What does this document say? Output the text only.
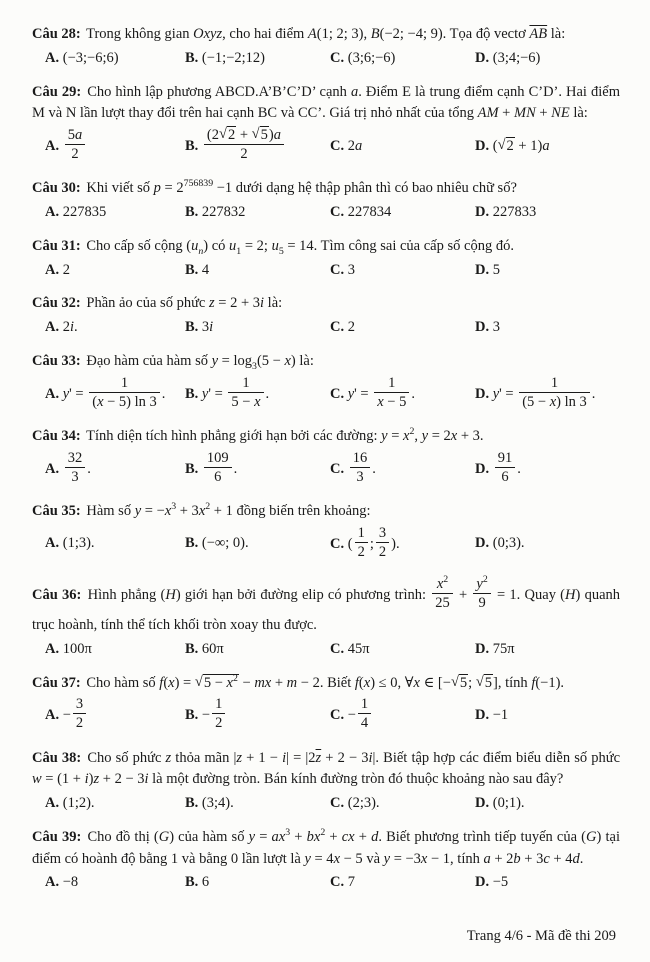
Câu 28: Trong không gian Oxyz, cho hai điểm A(1; 2; 3), B(−2; −4; 9). Tọa độ vectơ $\overline{AB}$ là:

A. (−3;−6;6)	B. (−1;−2;12)	C. (3;6;−6)	D. (3;4;−6)

Câu 29: Cho hình lập phương ABCD.A’B’C’D’ cạnh a. Điểm E là trung điểm cạnh C’D’. Hai điểm M và N lần lượt thay đổi trên hai cạnh BC và CC’. Giá trị nhỏ nhất của tổng AM + MN + NE là:

A. $\frac{5a}{2}$	B. $\frac{(2√2 + √5)a}{2}$	C. 2a	D. (√2 + 1)a

Câu 30: Khi viết số $p = 2^{756839} -1$ dưới dạng hệ thập phân thì có bao nhiêu chữ số?

A. 227835	B. 227832	C. 227834	D. 227833

Câu 31: Cho cấp số cộng $(u_n)$ có $u_1 = 2$; $u_5 = 14$. Tìm công sai của cấp số cộng đó.

A. 2	B. 4	C. 3	D. 5

Câu 32: Phần ảo của số phức z = 2 + 3i là:

A. 2i.	B. 3i	C. 2	D. 3

Câu 33: Đạo hàm của hàm số $y = \log_3(5 - x)$ là:

A. $y' = \frac{1}{(x - 5) \ln 3}$ .	B. $y' = \frac{1}{5 - x}$ .	C. $y' = \frac{1}{x - 5}$ .	D. $y' = \frac{1}{(5 - x) \ln 3}$ .

Câu 34: Tính diện tích hình phẳng giới hạn bởi các đường: $y = x^2$, y = 2x + 3.

A. $\frac{32}{3}$ .	B. $\frac{109}{6}$ .	C. $\frac{16}{3}$ .	D. $\frac{91}{6}$ .

Câu 35: Hàm số $y = -x^3 + 3x^2 + 1$ đồng biến trên khoảng:

A. (1;3).	B. (−∞; 0).	C. ( $\frac{1}{2}$ ; $\frac{3}{2}$ ).	D. (0;3).

Câu 36: Hình phẳng (H) giới hạn bởi đường elip có phương trình: $\frac{x^2}{25} + \frac{y^2}{9} = 1$. Quay (H) quanh trục hoành, tính thể tích khối tròn xoay thu được.

A. 100π	B. 60π	C. 45π	D. 75π

Câu 37: Cho hàm số $f(x) = √5 - x^2$ − mx + m − 2. Biết f(x) ≤ 0, ∀x ∈ [−√5; √5], tính f(−1).

A. − $\frac{3}{2}$	B. − $\frac{1}{2}$	C. − $\frac{1}{4}$	D. −1

Câu 38: Cho số phức z thỏa mãn $|z + 1 - i| = |2\overline{z} + 2 - 3i|$. Biết tập hợp các điểm biểu diễn số phức w = (1 + i)z + 2 − 3i là một đường tròn. Bán kính đường tròn đó thuộc khoảng nào sau đây?

A. (1;2).	B. (3;4).	C. (2;3).	D. (0;1).

Câu 39: Cho đồ thị (G) của hàm số $y = ax^3 + bx^2$ + cx + d. Biết phương trình tiếp tuyến của (G) tại điểm có hoành độ bằng 1 và bằng 0 lần lượt là y = 4x − 5 và y = −3x − 1, tính a + 2b + 3c + 4d.

A. −8	B. 6	C. 7	D. −5
Trang 4/6 - Mã đề thi 209
